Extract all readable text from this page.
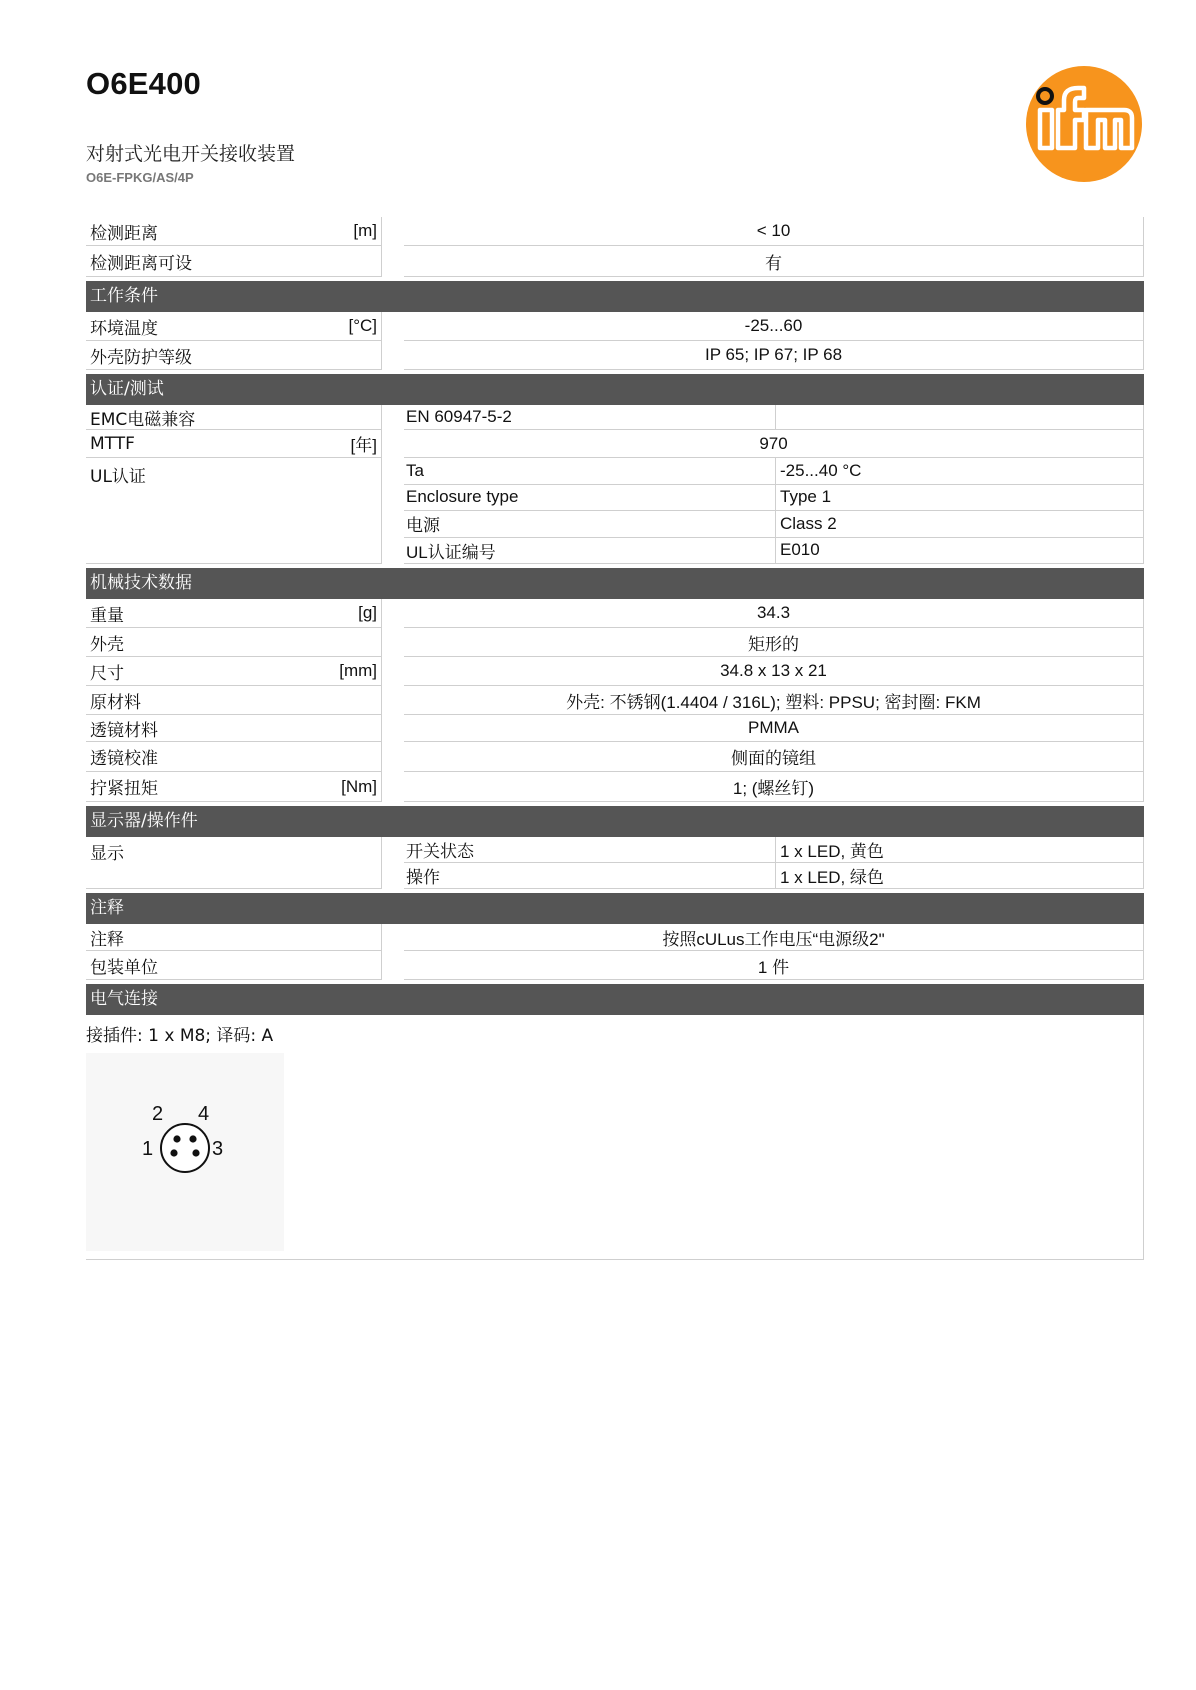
O6E400
对射式光电开关接收装置
O6E-FPKG/AS/4P	ifm
检测距离	[m]	< 10
检测距离可设	有
工作条件
环境温度	[°C]	-25...60
外壳防护等级	IP 65; IP 67; IP 68
认证/测试
EMC电磁兼容	EN 60947-5-2
MTTF	[年]	970
UL认证	Ta	-25...40 °C
Enclosure type	Type 1
电源	Class 2
UL认证编号	E010
机械技术数据
重量	[g]	34.3
外壳	矩形的
尺寸	[mm]	34.8 x 13 x 21
原材料	外壳: 不锈钢(1.4404 / 316L); 塑料: PPSU; 密封圈: FKM
透镜材料	PMMA
透镜校准	侧面的镜组
拧紧扭矩	[Nm]	1; (螺丝钉)
显示器/操作件
显示	开关状态	1 x LED, 黄色
操作	1 x LED, 绿色
注释
注释	按照cULus工作电压“电源级2"
包装单位	1 件
电气连接
接插件: 1 x M8; 译码: A
2 4
1	3
